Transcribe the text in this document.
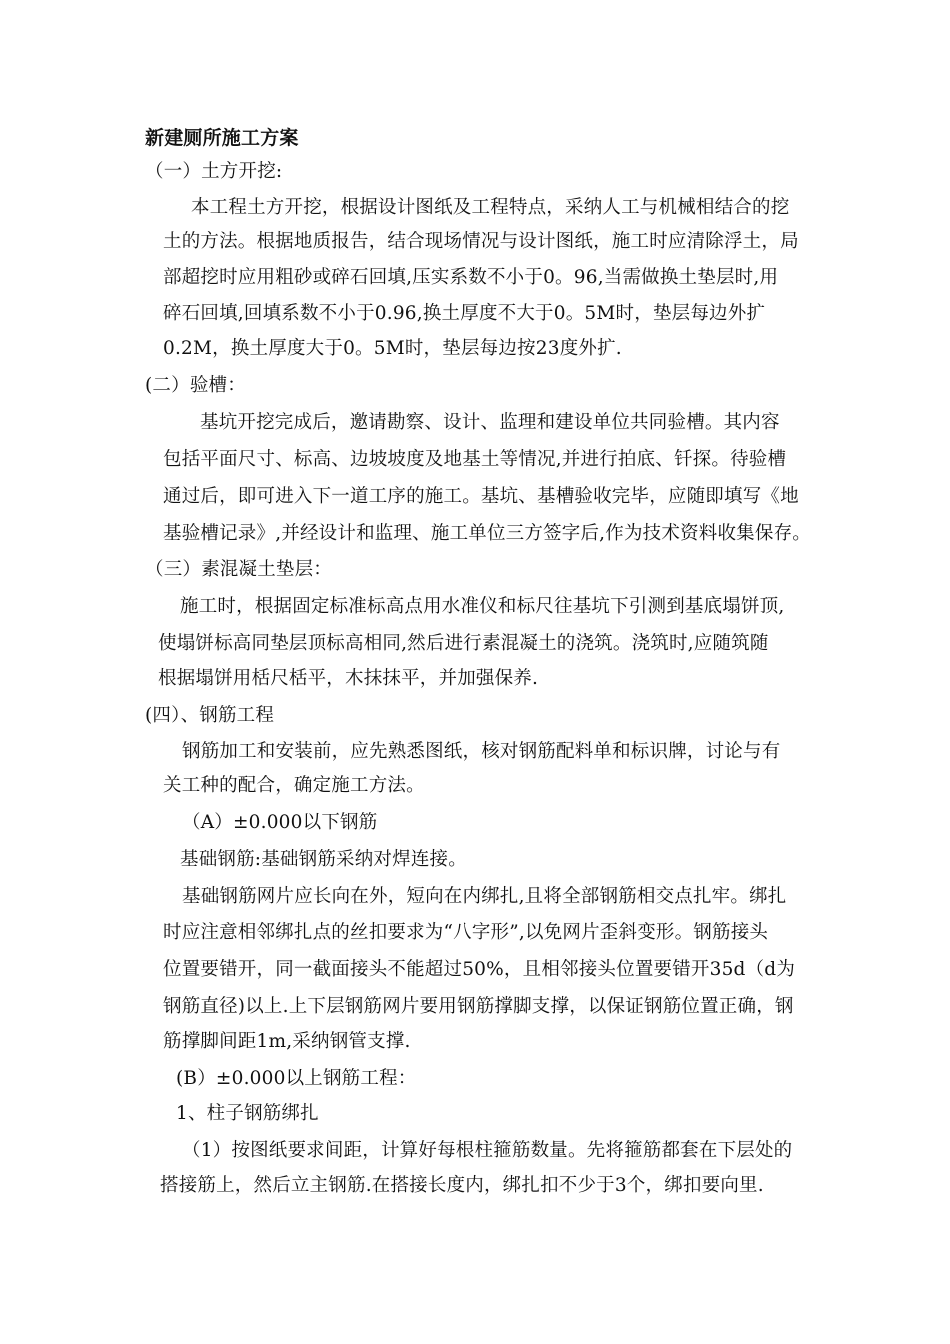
新建厕所施工方案
（一）土方开挖:
本工程土方开挖，根据设计图纸及工程特点，采纳人工与机械相结合的挖
土的方法。根据地质报告，结合现场情况与设计图纸，施工时应清除浮土，局
部超挖时应用粗砂或碎石回填,压实系数不小于0。96,当需做换土垫层时,用
碎石回填,回填系数不小于0.96,换土厚度不大于0。5M时，垫层每边外扩
0.2M，换土厚度大于0。5M时，垫层每边按23度外扩.
(二）验槽：
基坑开挖完成后，邀请勘察、设计、监理和建设单位共同验槽。其内容
包括平面尺寸、标高、边坡坡度及地基土等情况,并进行拍底、钎探。待验槽
通过后，即可进入下一道工序的施工。基坑、基槽验收完毕，应随即填写《地
基验槽记录》,并经设计和监理、施工单位三方签字后,作为技术资料收集保存。
（三）素混凝土垫层：
施工时，根据固定标准标高点用水准仪和标尺往基坑下引测到基底塌饼顶,
使塌饼标高同垫层顶标高相同,然后进行素混凝土的浇筑。浇筑时,应随筑随
根据塌饼用栝尺栝平，木抹抹平，并加强保养.
(四）、钢筋工程
钢筋加工和安装前，应先熟悉图纸，核对钢筋配料单和标识牌，讨论与有
关工种的配合，确定施工方法。
（A）±0.000以下钢筋
基础钢筋:基础钢筋采纳对焊连接。
基础钢筋网片应长向在外，短向在内绑扎,且将全部钢筋相交点扎牢。绑扎
时应注意相邻绑扎点的丝扣要求为“八字形”,以免网片歪斜变形。钢筋接头
位置要错开，同一截面接头不能超过50%，且相邻接头位置要错开35d（d为
钢筋直径)以上.上下层钢筋网片要用钢筋撑脚支撑，以保证钢筋位置正确，钢
筋撑脚间距1m,采纳钢管支撑.
(B）±0.000以上钢筋工程：
1、柱子钢筋绑扎
（1）按图纸要求间距，计算好每根柱箍筋数量。先将箍筋都套在下层处的
搭接筋上，然后立主钢筋.在搭接长度内，绑扎扣不少于3个，绑扣要向里.
